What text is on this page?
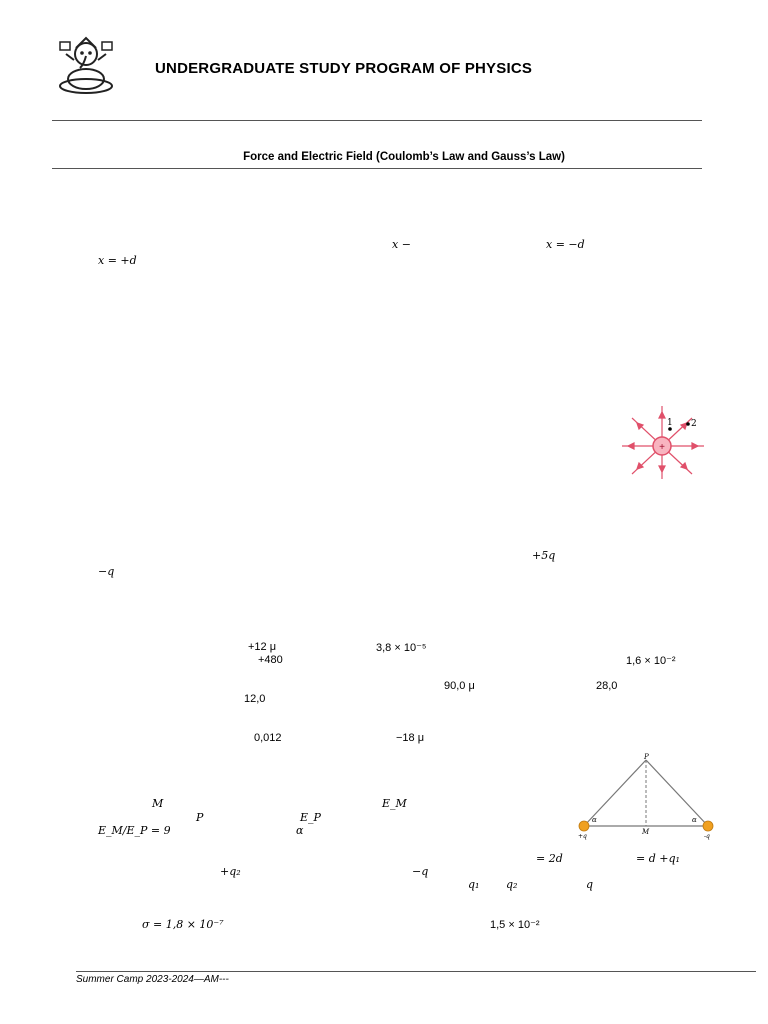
UNDERGRADUATE STUDY PROGRAM OF PHYSICS
Force and Electric Field (Coulomb’s Law and Gauss’s Law)
x −	x = −d
x = +d
+5q
−q
+12 μ	3,8 × 10⁻⁵
+480	1,6 × 10⁻²
90,0 μ	28,0
12,0
0,012	−18 μ
M	E_M
P	E_P
E_M/E_P = 9	α
= 2d	= d +q₁
+q₂	−q
q₁ q₂	q
σ = 1,8 × 10⁻⁷	1,5 × 10⁻²
+
1 2
P
M
α	α
+q	-q
Summer Camp 2023-2024—AM---
